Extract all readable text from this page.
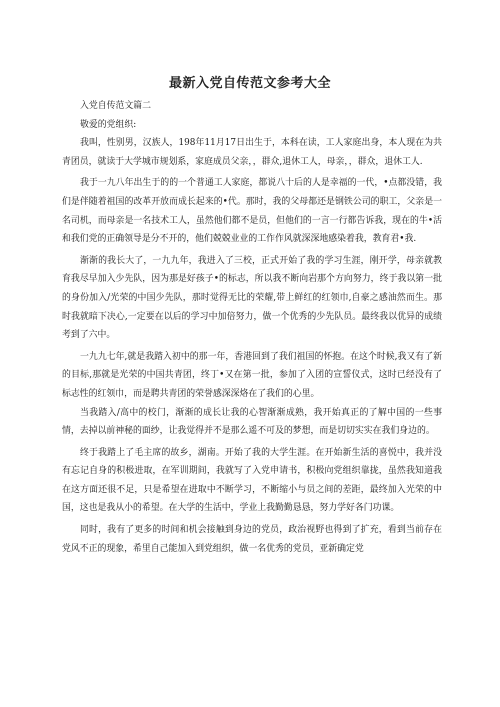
最新入党自传范文参考大全

入党自传范文篇二

敬爱的党组织:

我叫，性别男，汉族人，198年11月17日出生于，本科在读，工人家庭出身，本人现在为共青团员，就读于大学城市规划系，家庭成员父亲，，群众,退休工人，母亲，，群众，退休工人.

我于一九八年出生于的的一个普通工人家庭，都说八十后的人是幸福的一代，•点都没错，我们是伴随着祖国的改革开放而成长起来的•代。那时，我的父母都还是钢铁公司的职工，父亲是一名司机，而母亲是一名技术工人，虽然他们都不是员，但他们的一言一行都告诉我，现在的牛•活和我们党的正确领导是分不开的，他们兢兢业业的工作作风就深深地感染着我，教育君•我.

渐渐的我长大了，一九九年，我进入了三校，正式开始了我的学习生涯，刚开学，母亲就教育我尽早加入少先队，因为那是好孩子•的标志，所以我不断向岩那个方向努力，终于我以第一批的身份加入/光荣的中国少先队，那时觉得无比的荣耀,带上鲜红的红领巾,自豪之感油然而生。那时我就暗下决心,一定要在以后的学习中加倍努力，做一个优秀的少先队员。最终我以优异的成绩考到了六中。

一九九七年,就是我踏入初中的那一年，香港回到了我们祖国的怀抱。在这个时候,我又有了新的目标,那就是光荣的中国共青团，终丁•又在第一批，参加了入团的宣誓仪式，这时已经没有了标志性的红领巾，而是聘共青团的荣誉感深深烙在了我们的心里。

当我踏入/高中的校门，渐渐的成长让我的心智渐渐成熟，我开始真正的了解中国的一些事情，去掉以前神秘的面纱，让我觉得并不是那么遥不可及的梦想，而是切切实实在我们身边的。

终于我踏上了毛主席的故乡，湖南。开始了我的大学生涯。在开始新生活的喜悦中，我并没有忘记自身的积极进取，在军训期间，我就写了入党申请书，积极向党组织靠拢，虽然我知道我在这方面还很不足，只是希望在进取中不断学习，不断缩小与员之间的差距，最终加入光荣的中国，这也是我从小的希望。在大学的生活中，学业上我勤勤恳恳，努力学好各门功课。

同时，我有了更多的时间和机会接触到身边的党员，政治视野也得到了扩充，看到当前存在党风不正的现象，希里自己能加入到党组织，做一名优秀的党员，亚新确定党
